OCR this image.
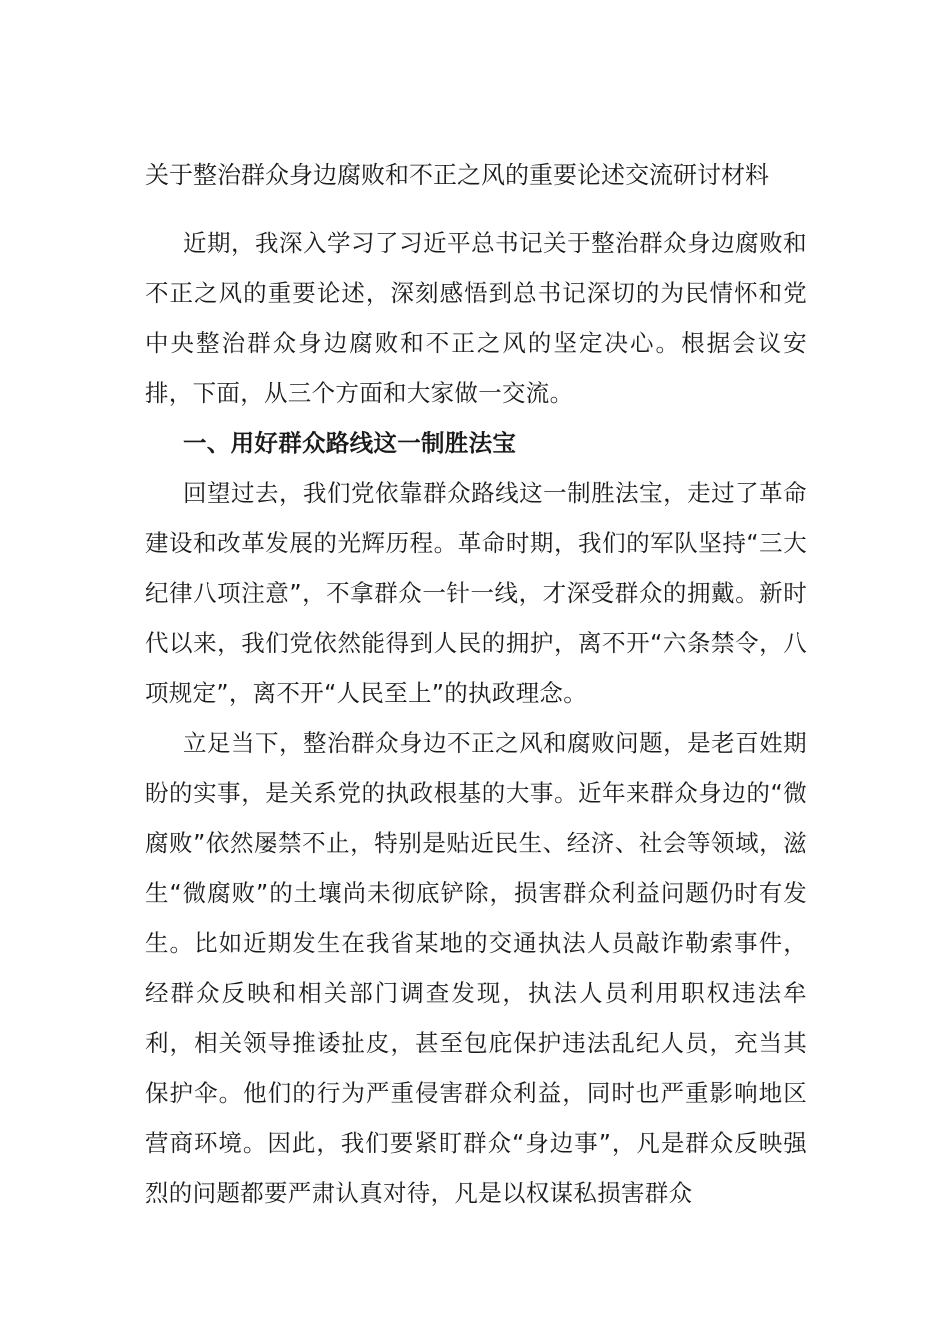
关于整治群众身边腐败和不正之风的重要论述交流研讨材料

近期，我深入学习了习近平总书记关于整治群众身边腐败和不正之风的重要论述，深刻感悟到总书记深切的为民情怀和党中央整治群众身边腐败和不正之风的坚定决心。根据会议安排，下面，从三个方面和大家做一交流。

一、用好群众路线这一制胜法宝

回望过去，我们党依靠群众路线这一制胜法宝，走过了革命建设和改革发展的光辉历程。革命时期，我们的军队坚持“三大纪律八项注意”，不拿群众一针一线，才深受群众的拥戴。新时代以来，我们党依然能得到人民的拥护，离不开“六条禁令，八项规定”，离不开“人民至上”的执政理念。

立足当下，整治群众身边不正之风和腐败问题，是老百姓期盼的实事，是关系党的执政根基的大事。近年来群众身边的“微腐败”依然屡禁不止，特别是贴近民生、经济、社会等领域，滋生“微腐败”的土壤尚未彻底铲除，损害群众利益问题仍时有发生。比如近期发生在我省某地的交通执法人员敲诈勒索事件，经群众反映和相关部门调查发现，执法人员利用职权违法牟利，相关领导推诿扯皮，甚至包庇保护违法乱纪人员，充当其保护伞。他们的行为严重侵害群众利益，同时也严重影响地区营商环境。因此，我们要紧盯群众“身边事”，凡是群众反映强烈的问题都要严肃认真对待，凡是以权谋私损害群众
